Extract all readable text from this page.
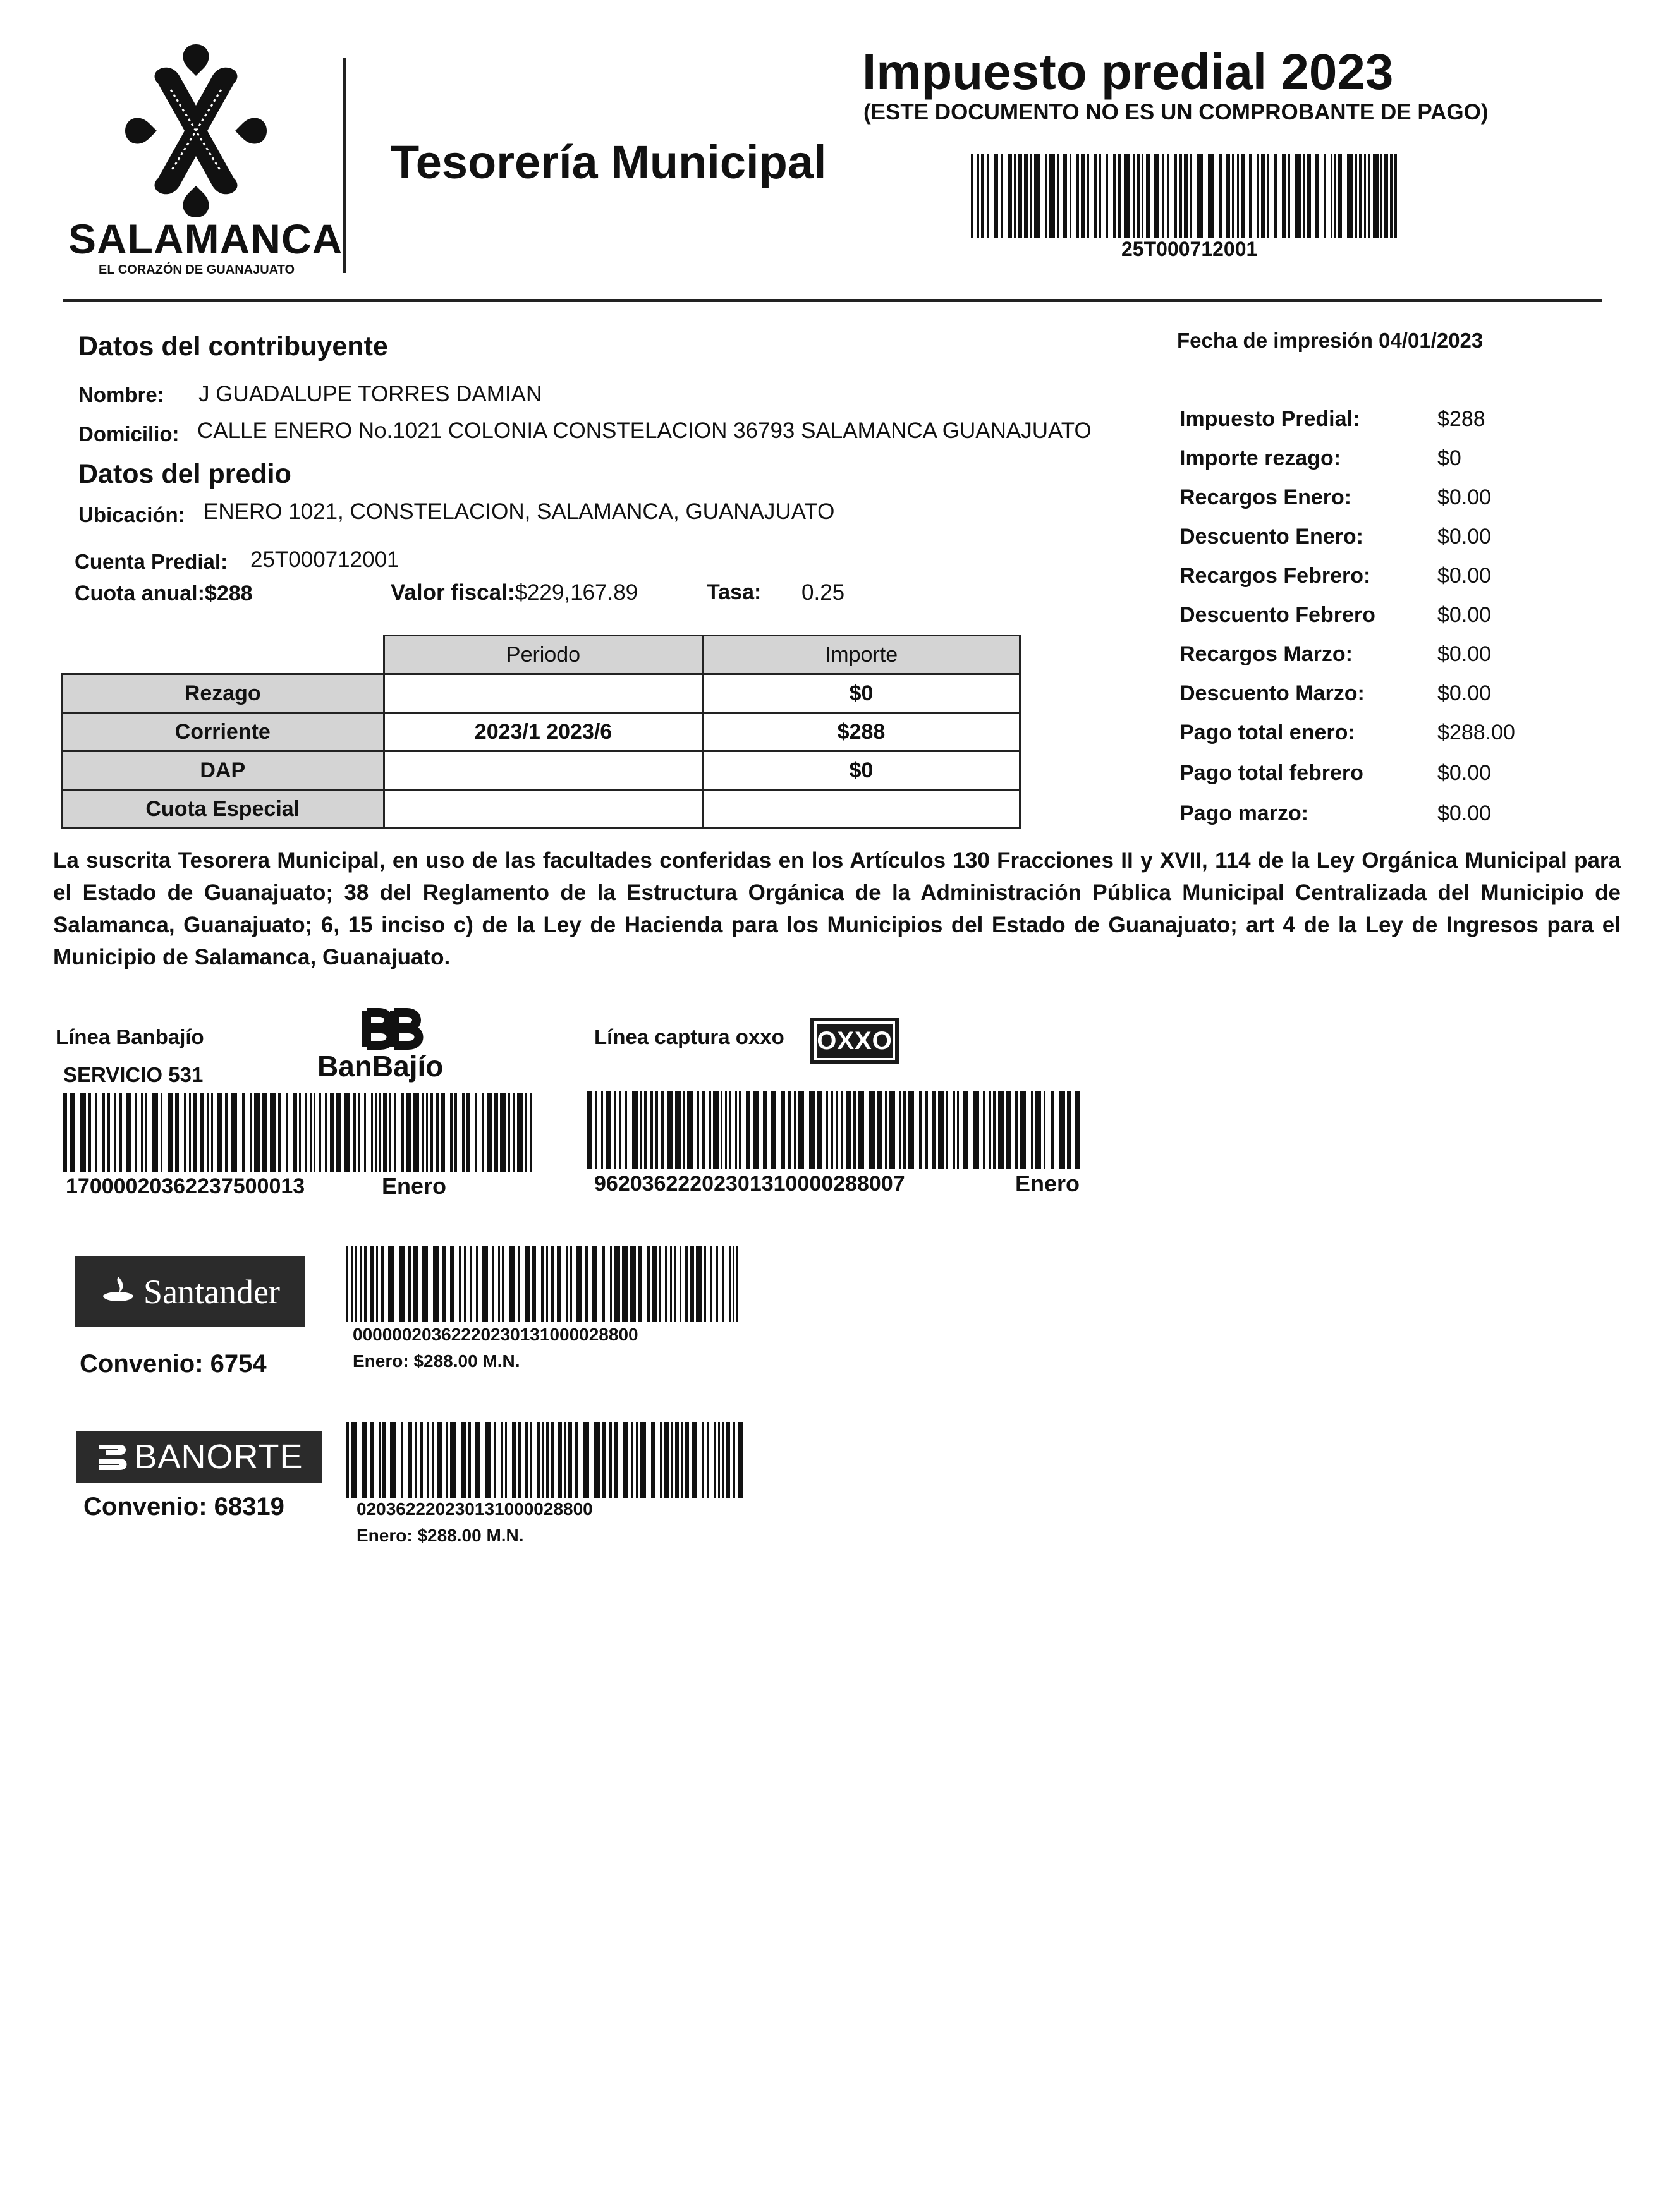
SALAMANCA
EL CORAZÓN DE GUANAJUATO
Tesorería Municipal
Impuesto predial 2023
(ESTE DOCUMENTO NO ES UN COMPROBANTE DE PAGO)
25T000712001
Datos del contribuyente
Nombre: J GUADALUPE TORRES DAMIAN
Domicilio: CALLE ENERO No.1021 COLONIA CONSTELACION 36793 SALAMANCA GUANAJUATO
Datos del predio
Ubicación: ENERO 1021, CONSTELACION, SALAMANCA, GUANAJUATO
Cuenta Predial: 25T000712001
Cuota anual:$288	Valor fiscal:$229,167.89	Tasa: 0.25
	Periodo	Importe
Rezago		$0
Corriente	2023/1 2023/6	$288
DAP		$0
Cuota Especial		
Fecha de impresión 04/01/2023
Impuesto Predial:	$288
Importe rezago:	$0
Recargos Enero:	$0.00
Descuento Enero:	$0.00
Recargos Febrero:	$0.00
Descuento Febrero	$0.00
Recargos Marzo:	$0.00
Descuento Marzo:	$0.00
Pago total enero:	$288.00
Pago total febrero	$0.00
Pago marzo:	$0.00
La suscrita Tesorera Municipal, en uso de las facultades conferidas en los Artículos 130 Fracciones II y XVII, 114 de la Ley Orgánica Municipal para el Estado de Guanajuato; 38 del Reglamento de la Estructura Orgánica de la Administración Pública Municipal Centralizada del Municipio de Salamanca, Guanajuato; 6, 15 inciso c) de la Ley de Hacienda para los Municipios del Estado de Guanajuato; art 4 de la Ley de Ingresos para el Municipio de Salamanca, Guanajuato.
Línea Banbajío
SERVICIO 531	BanBajío
17000020362237500013	Enero
Línea captura oxxo OXXO
96203622202301310000288007	Enero
Santander
Convenio: 6754
00000020362220230131000028800
Enero: $288.00 M.N.
BANORTE
Convenio: 68319	020362220230131000028800
Enero: $288.00 M.N.
